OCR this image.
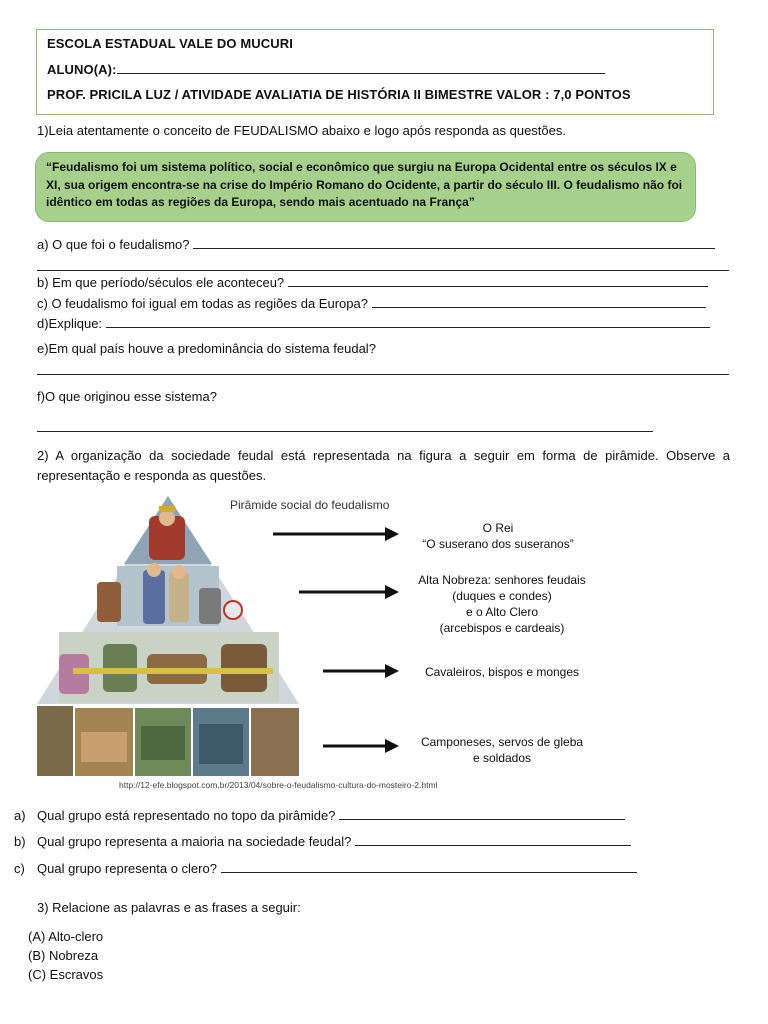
ESCOLA ESTADUAL VALE DO MUCURI
ALUNO(A):
PROF. PRICILA LUZ / ATIVIDADE AVALIATIA DE HISTÓRIA II BIMESTRE VALOR : 7,0 PONTOS
1)Leia atentamente o conceito de FEUDALISMO abaixo e logo após responda as questões.
“Feudalismo foi um sistema político, social e econômico que surgiu na Europa Ocidental entre os séculos IX e XI, sua origem encontra-se na crise do Império Romano do Ocidente, a partir do século III. O feudalismo não foi idêntico em todas as regiões da Europa, sendo mais acentuado na França”
a) O que foi o feudalismo?
b) Em que período/séculos ele aconteceu?
c) O feudalismo foi igual em todas as regiões da Europa?
d)Explique:
e)Em qual país houve a predominância do sistema feudal?
f)O que originou esse sistema?
2) A organização da sociedade feudal está representada na figura a seguir em forma de pirâmide. Observe a representação e responda as questões.
Pirâmide social do feudalismo
O Rei
“O suserano dos suseranos”
Alta Nobreza: senhores feudais
(duques e condes)
e o Alto Clero
(arcebispos e cardeais)
Cavaleiros, bispos e monges
Camponeses, servos de gleba
e soldados
http://12-efe.blogspot.com.br/2013/04/sobre-o-feudalismo-cultura-do-mosteiro-2.html
a) Qual grupo está representado no topo da pirâmide?
b) Qual grupo representa a maioria na sociedade feudal?
c) Qual grupo representa o clero?
3) Relacione as palavras e as frases a seguir:
(A) Alto-clero
(B) Nobreza
(C) Escravos
